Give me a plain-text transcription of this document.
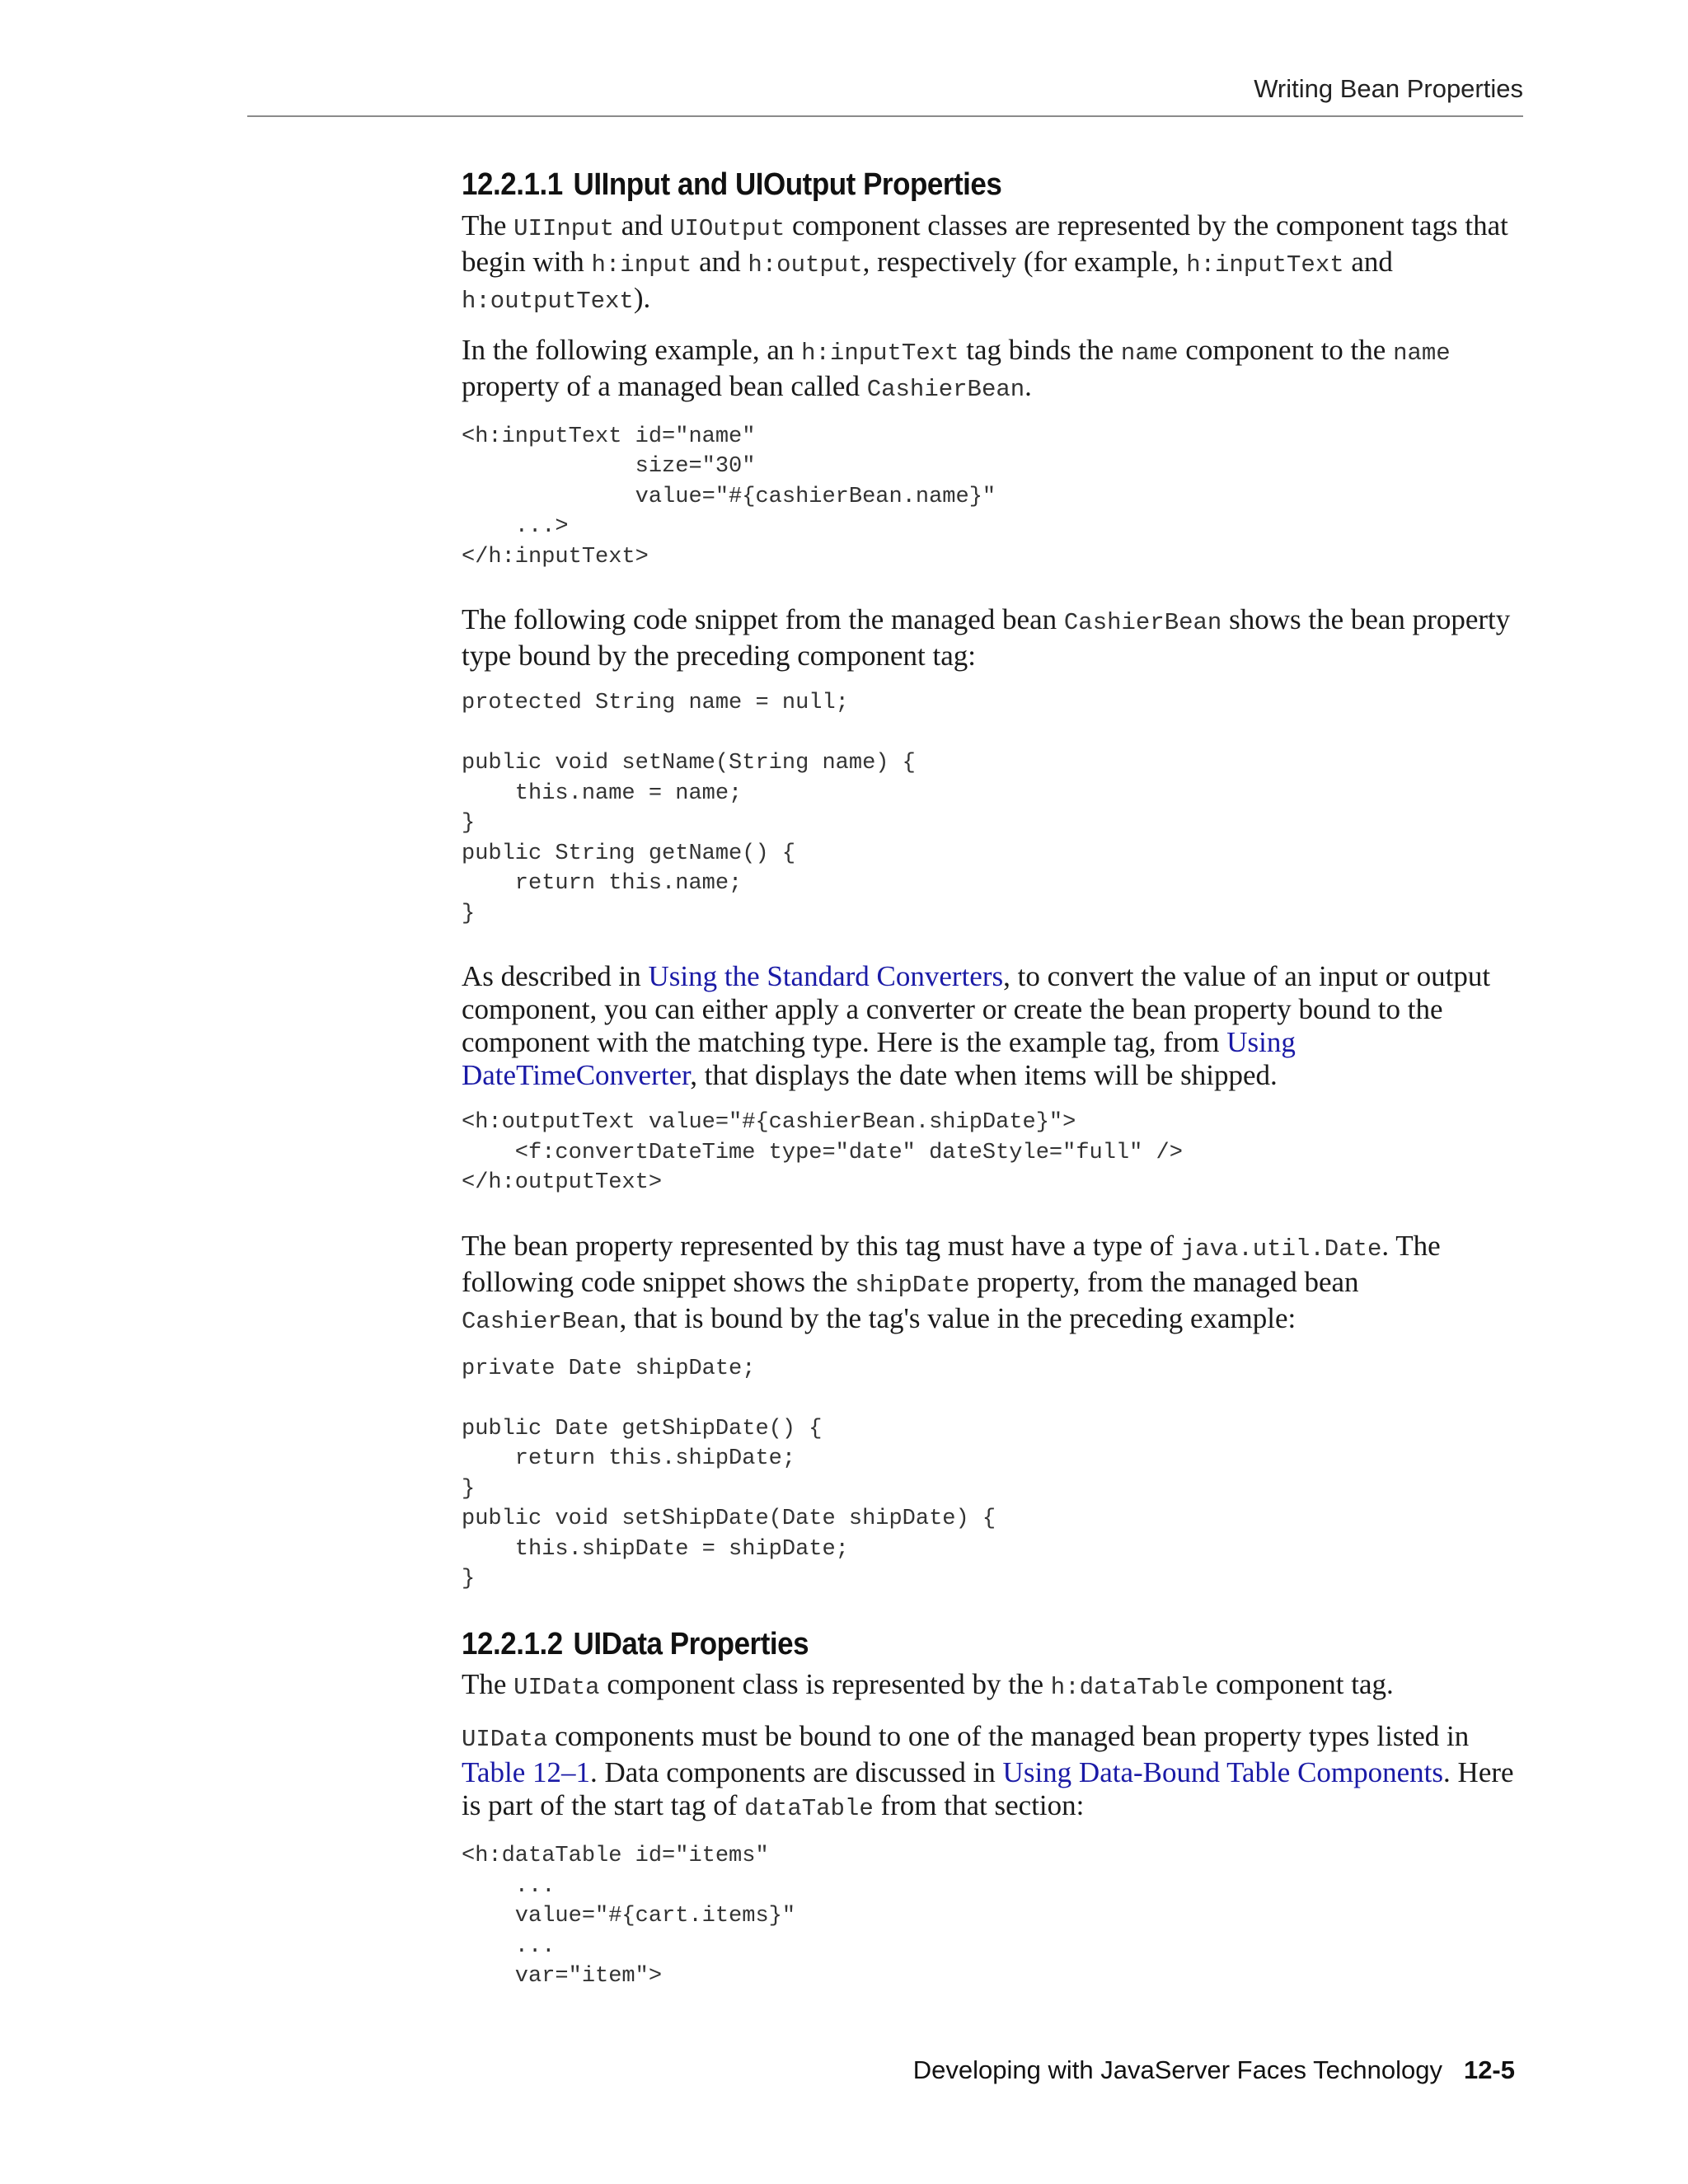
Writing Bean Properties
12.2.1.1 UIInput and UIOutput Properties

The UIInput and UIOutput component classes are represented by the component tags that begin with h:input and h:output, respectively (for example, h:inputText and h:outputText).

In the following example, an h:inputText tag binds the name component to the name property of a managed bean called CashierBean.

<h:inputText id="name"
size="30"
value="#{cashierBean.name}"
...>
</h:inputText>

The following code snippet from the managed bean CashierBean shows the bean property type bound by the preceding component tag:

protected String name = null;

public void setName(String name) {
this.name = name;
}
public String getName() {
return this.name;
}

As described in Using the Standard Converters, to convert the value of an input or output component, you can either apply a converter or create the bean property bound to the component with the matching type. Here is the example tag, from Using DateTimeConverter, that displays the date when items will be shipped.

<h:outputText value="#{cashierBean.shipDate}">
<f:convertDateTime type="date" dateStyle="full" />
</h:outputText>

The bean property represented by this tag must have a type of java.util.Date. The following code snippet shows the shipDate property, from the managed bean CashierBean, that is bound by the tag's value in the preceding example:

private Date shipDate;

public Date getShipDate() {
return this.shipDate;
}
public void setShipDate(Date shipDate) {
this.shipDate = shipDate;
}
12.2.1.2 UIData Properties

The UIData component class is represented by the h:dataTable component tag.

UIData components must be bound to one of the managed bean property types listed in Table 12–1. Data components are discussed in Using Data-Bound Table Components. Here is part of the start tag of dataTable from that section:

<h:dataTable id="items"
...
value="#{cart.items}"
...
var="item">
Developing with JavaServer Faces Technology 12-5
